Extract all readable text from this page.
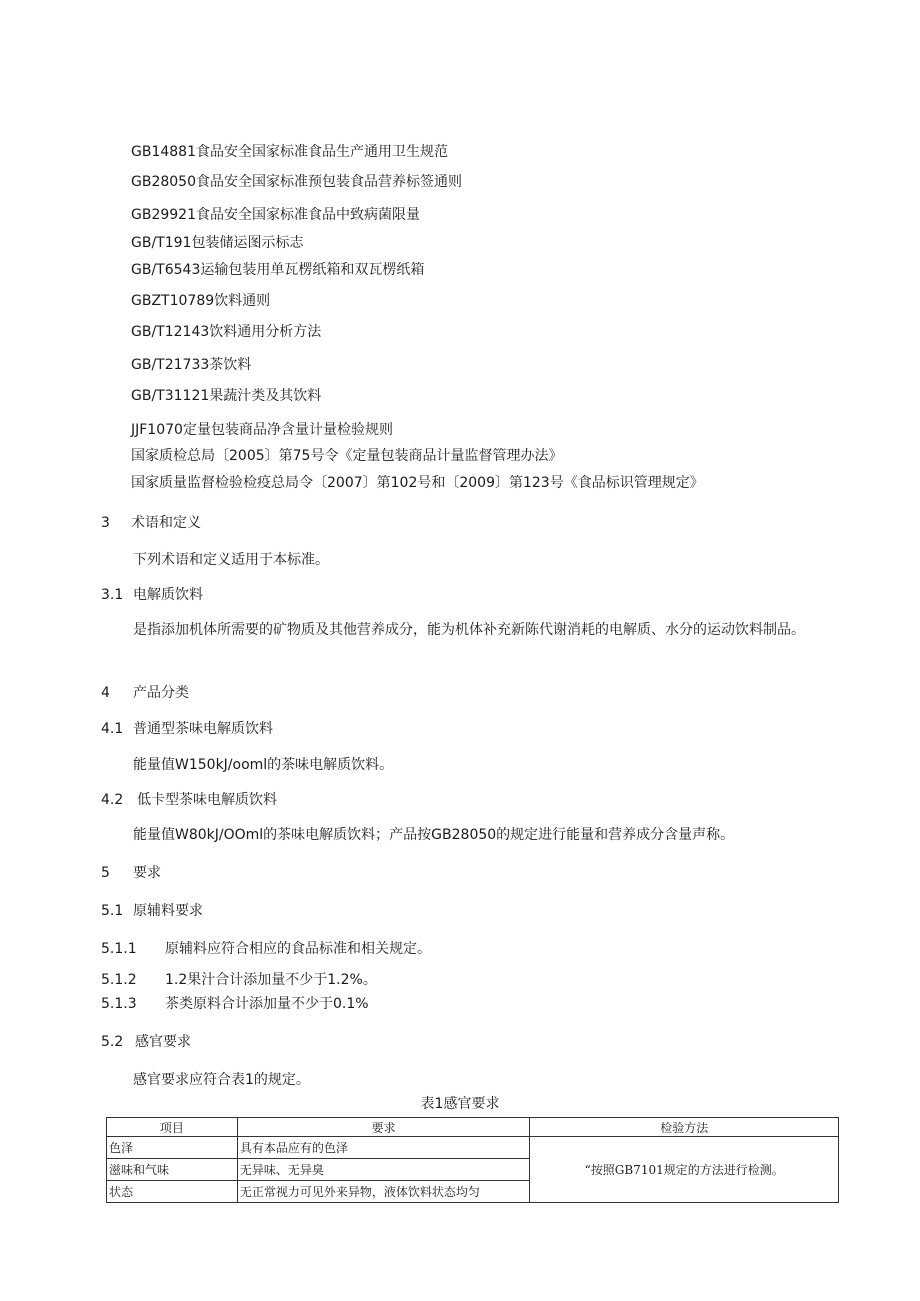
GB14881食品安全国家标准食品生产通用卫生规范
GB28050食品安全国家标准预包装食品营养标签通则
GB29921食品安全国家标准食品中致病菌限量
GB/T191包装储运图示标志
GB/T6543运输包装用单瓦楞纸箱和双瓦楞纸箱
GBZT10789饮料通则
GB/T12143饮料通用分析方法
GB/T21733茶饮料
GB/T31121果蔬汁类及其饮料
JJF1070定量包装商品净含量计量检验规则
国家质检总局〔2005〕第75号令《定量包装商品计量监督管理办法》
国家质量监督检验检疫总局令〔2007〕第102号和〔2009〕第123号《食品标识管理规定》
3 术语和定义
下列术语和定义适用于本标准。
3.1 电解质饮料
是指添加机体所需要的矿物质及其他营养成分，能为机体补充新陈代谢消耗的电解质、水分的运动饮料制品。
4 产品分类
4.1 普通型茶味电解质饮料
能量值W150kJ∕ooml的茶味电解质饮料。
4.2 低卡型茶味电解质饮料
能量值W80kJ∕OOml的茶味电解质饮料；产品按GB28050的规定进行能量和营养成分含量声称。
5 要求
5.1 原辅料要求
5.1.1 原辅料应符合相应的食品标准和相关规定。
5.1.2 1.2果汁合计添加量不少于1.2%。
5.1.3 茶类原料合计添加量不少于0.1%
5.2 感官要求
感官要求应符合表1的规定。
表1感官要求
项目	要求	检验方法
色泽	具有本品应有的色泽	“按照GB7101规定的方法进行检测。
滋味和气味	无异味、无异臭	
状态	无正常视力可见外来异物，液体饮料状态均匀	
